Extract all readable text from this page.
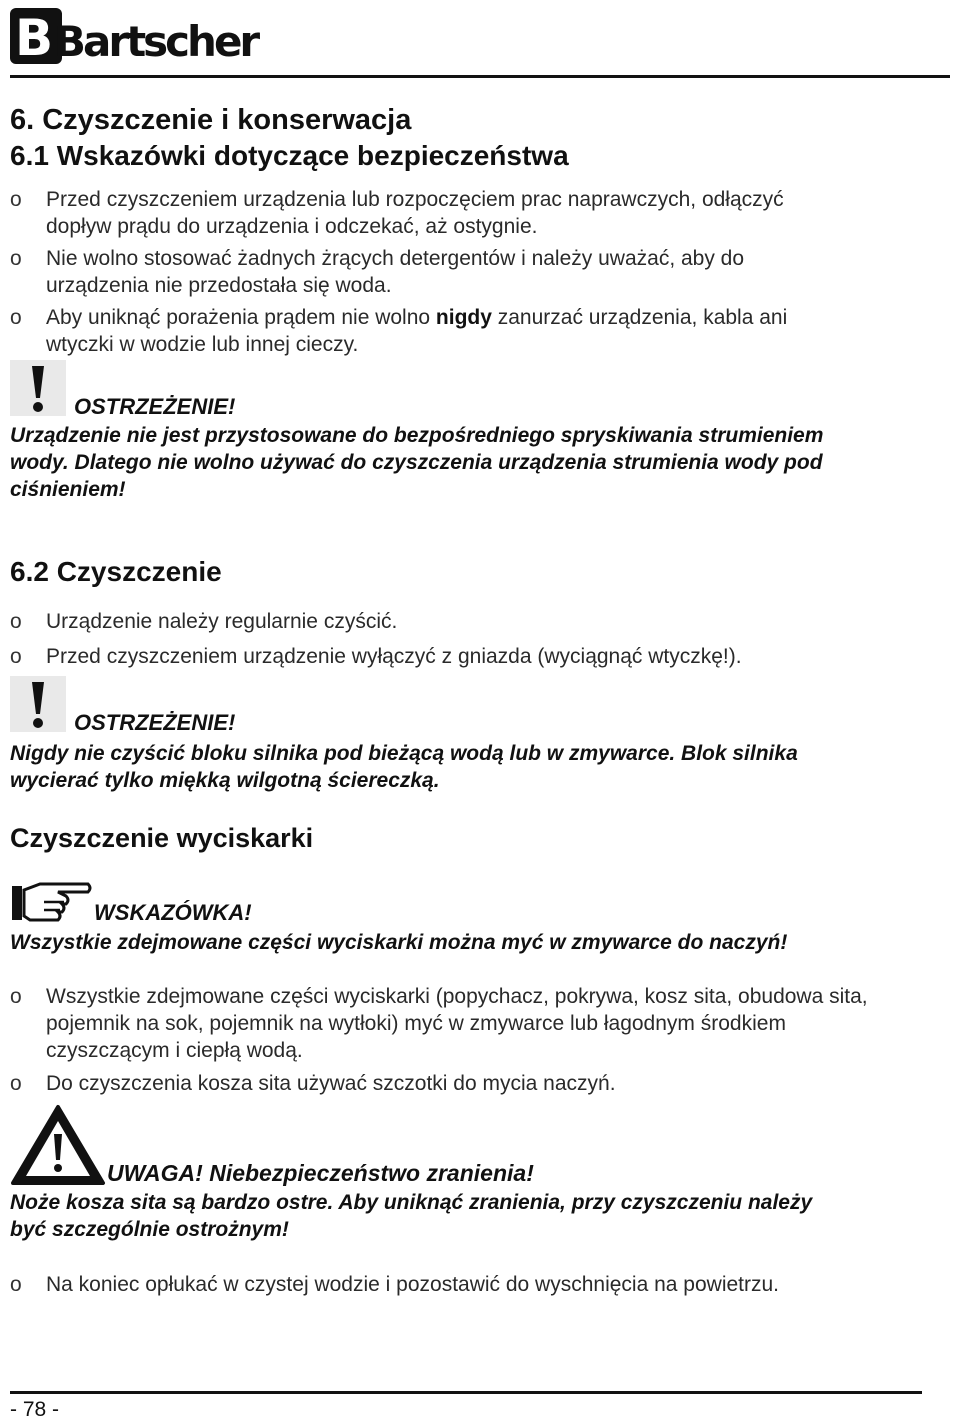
B Bartscher
6. Czyszczenie i konserwacja
6.1 Wskazówki dotyczące bezpieczeństwa
o Przed czyszczeniem urządzenia lub rozpoczęciem prac naprawczych, odłączyć
dopływ prądu do urządzenia i odczekać, aż ostygnie.
o Nie wolno stosować żadnych żrących detergentów i należy uważać, aby do
urządzenia nie przedostała się woda.
o Aby uniknąć porażenia prądem nie wolno nigdy zanurzać urządzenia, kabla ani
wtyczki w wodzie lub innej cieczy.
OSTRZEŻENIE!
Urządzenie nie jest przystosowane do bezpośredniego spryskiwania strumieniem
wody. Dlatego nie wolno używać do czyszczenia urządzenia strumienia wody pod
ciśnieniem!
6.2 Czyszczenie
o Urządzenie należy regularnie czyścić.
o Przed czyszczeniem urządzenie wyłączyć z gniazda (wyciągnąć wtyczkę!).
OSTRZEŻENIE!
Nigdy nie czyścić bloku silnika pod bieżącą wodą lub w zmywarce. Blok silnika
wycierać tylko miękką wilgotną ściereczką.
Czyszczenie wyciskarki
WSKAZÓWKA!
Wszystkie zdejmowane części wyciskarki można myć w zmywarce do naczyń!
o Wszystkie zdejmowane części wyciskarki (popychacz, pokrywa, kosz sita, obudowa sita,
pojemnik na sok, pojemnik na wytłoki) myć w zmywarce lub łagodnym środkiem
czyszczącym i ciepłą wodą.
o Do czyszczenia kosza sita używać szczotki do mycia naczyń.
UWAGA! Niebezpieczeństwo zranienia!
Noże kosza sita są bardzo ostre. Aby uniknąć zranienia, przy czyszczeniu należy
być szczególnie ostrożnym!
o Na koniec opłukać w czystej wodzie i pozostawić do wyschnięcia na powietrzu.
- 78 -
